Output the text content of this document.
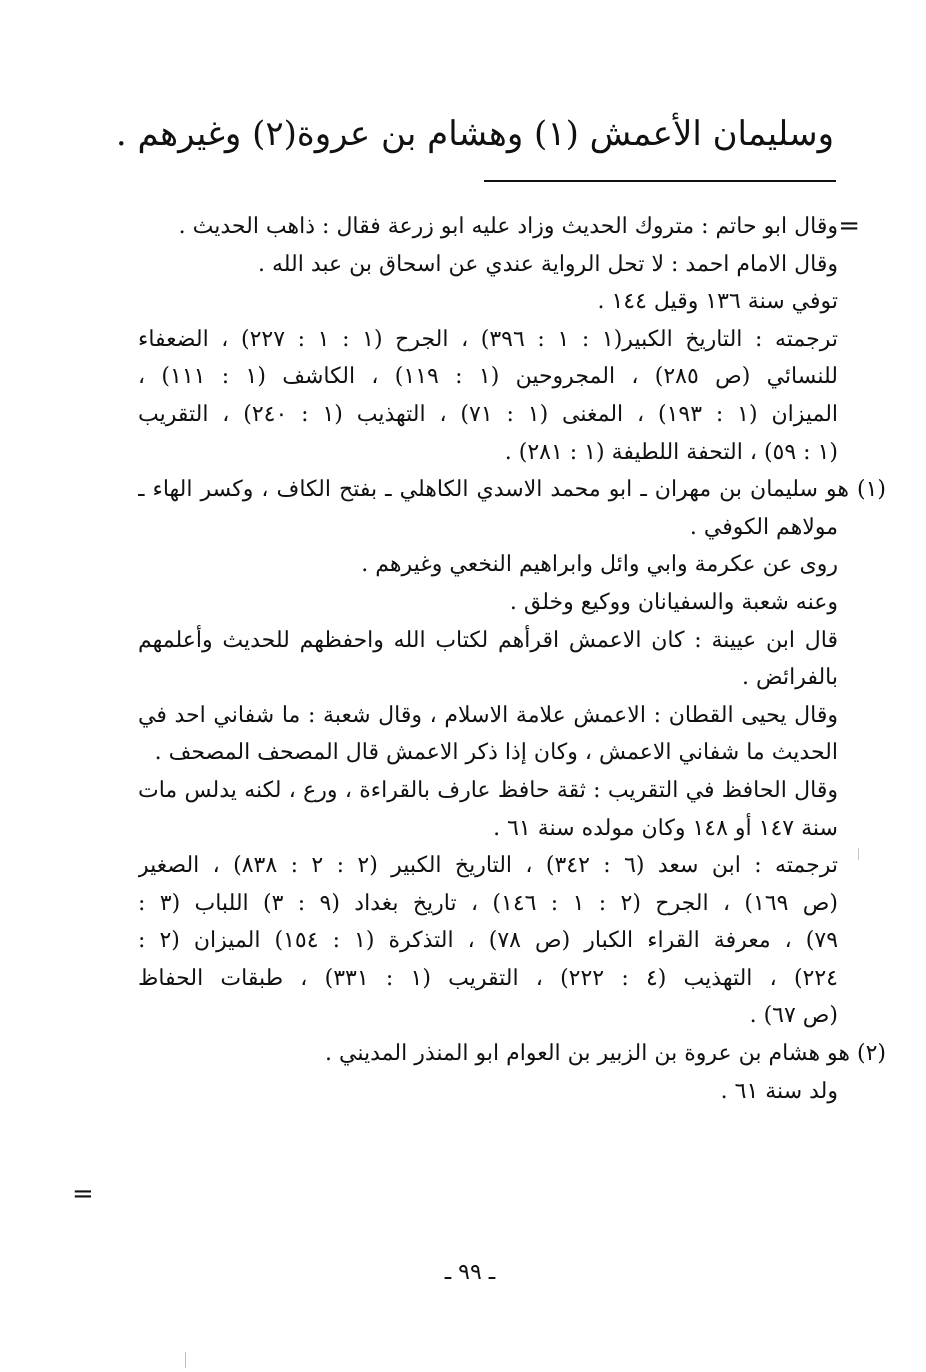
وسليمان الأعمش (١) وهشام بن عروة(٢) وغيرهم .
=
وقال ابو حاتم : متروك الحديث وزاد عليه ابو زرعة فقال : ذاهب الحديث .
وقال الامام احمد : لا تحل الرواية عندي عن اسحاق بن عبد الله .
توفي سنة ١٣٦ وقيل ١٤٤ .
ترجمته : التاريخ الكبير(١ : ١ : ٣٩٦) ، الجرح (١ : ١ : ٢٢٧) ، الضعفاء
للنسائي (ص ٢٨٥) ، المجروحين (١ : ١١٩) ، الكاشف (١ : ١١١) ،
الميزان (١ : ١٩٣) ، المغنى (١ : ٧١) ، التهذيب (١ : ٢٤٠) ، التقريب
(١ : ٥٩) ، التحفة اللطيفة (١ : ٢٨١) .
(١) هو سليمان بن مهران ـ ابو محمد الاسدي الكاهلي ـ بفتح الكاف ، وكسر الهاء ـ
مولاهم الكوفي .
روى عن عكرمة وابي وائل وابراهيم النخعي وغيرهم .
وعنه شعبة والسفيانان ووكيع وخلق .
قال ابن عيينة : كان الاعمش اقرأهم لكتاب الله واحفظهم للحديث وأعلمهم
بالفرائض .
وقال يحيى القطان : الاعمش علامة الاسلام ، وقال شعبة : ما شفاني احد في
الحديث ما شفاني الاعمش ، وكان إذا ذكر الاعمش قال المصحف المصحف .
وقال الحافظ في التقريب : ثقة حافظ عارف بالقراءة ، ورع ، لكنه يدلس مات
سنة ١٤٧ أو ١٤٨ وكان مولده سنة ٦١ .
ترجمته : ابن سعد (٦ : ٣٤٢) ، التاريخ الكبير (٢ : ٢ : ٨٣٨) ، الصغير
(ص ١٦٩) ، الجرح (٢ : ١ : ١٤٦) ، تاريخ بغداد (٩ : ٣) اللباب (٣ :
٧٩) ، معرفة القراء الكبار (ص ٧٨) ، التذكرة (١ : ١٥٤) الميزان (٢ :
٢٢٤) ، التهذيب (٤ : ٢٢٢) ، التقريب (١ : ٣٣١) ، طبقات الحفاظ
(ص ٦٧) .
(٢) هو هشام بن عروة بن الزبير بن العوام ابو المنذر المديني .
ولد سنة ٦١ .
=
ـ ٩٩ ـ
